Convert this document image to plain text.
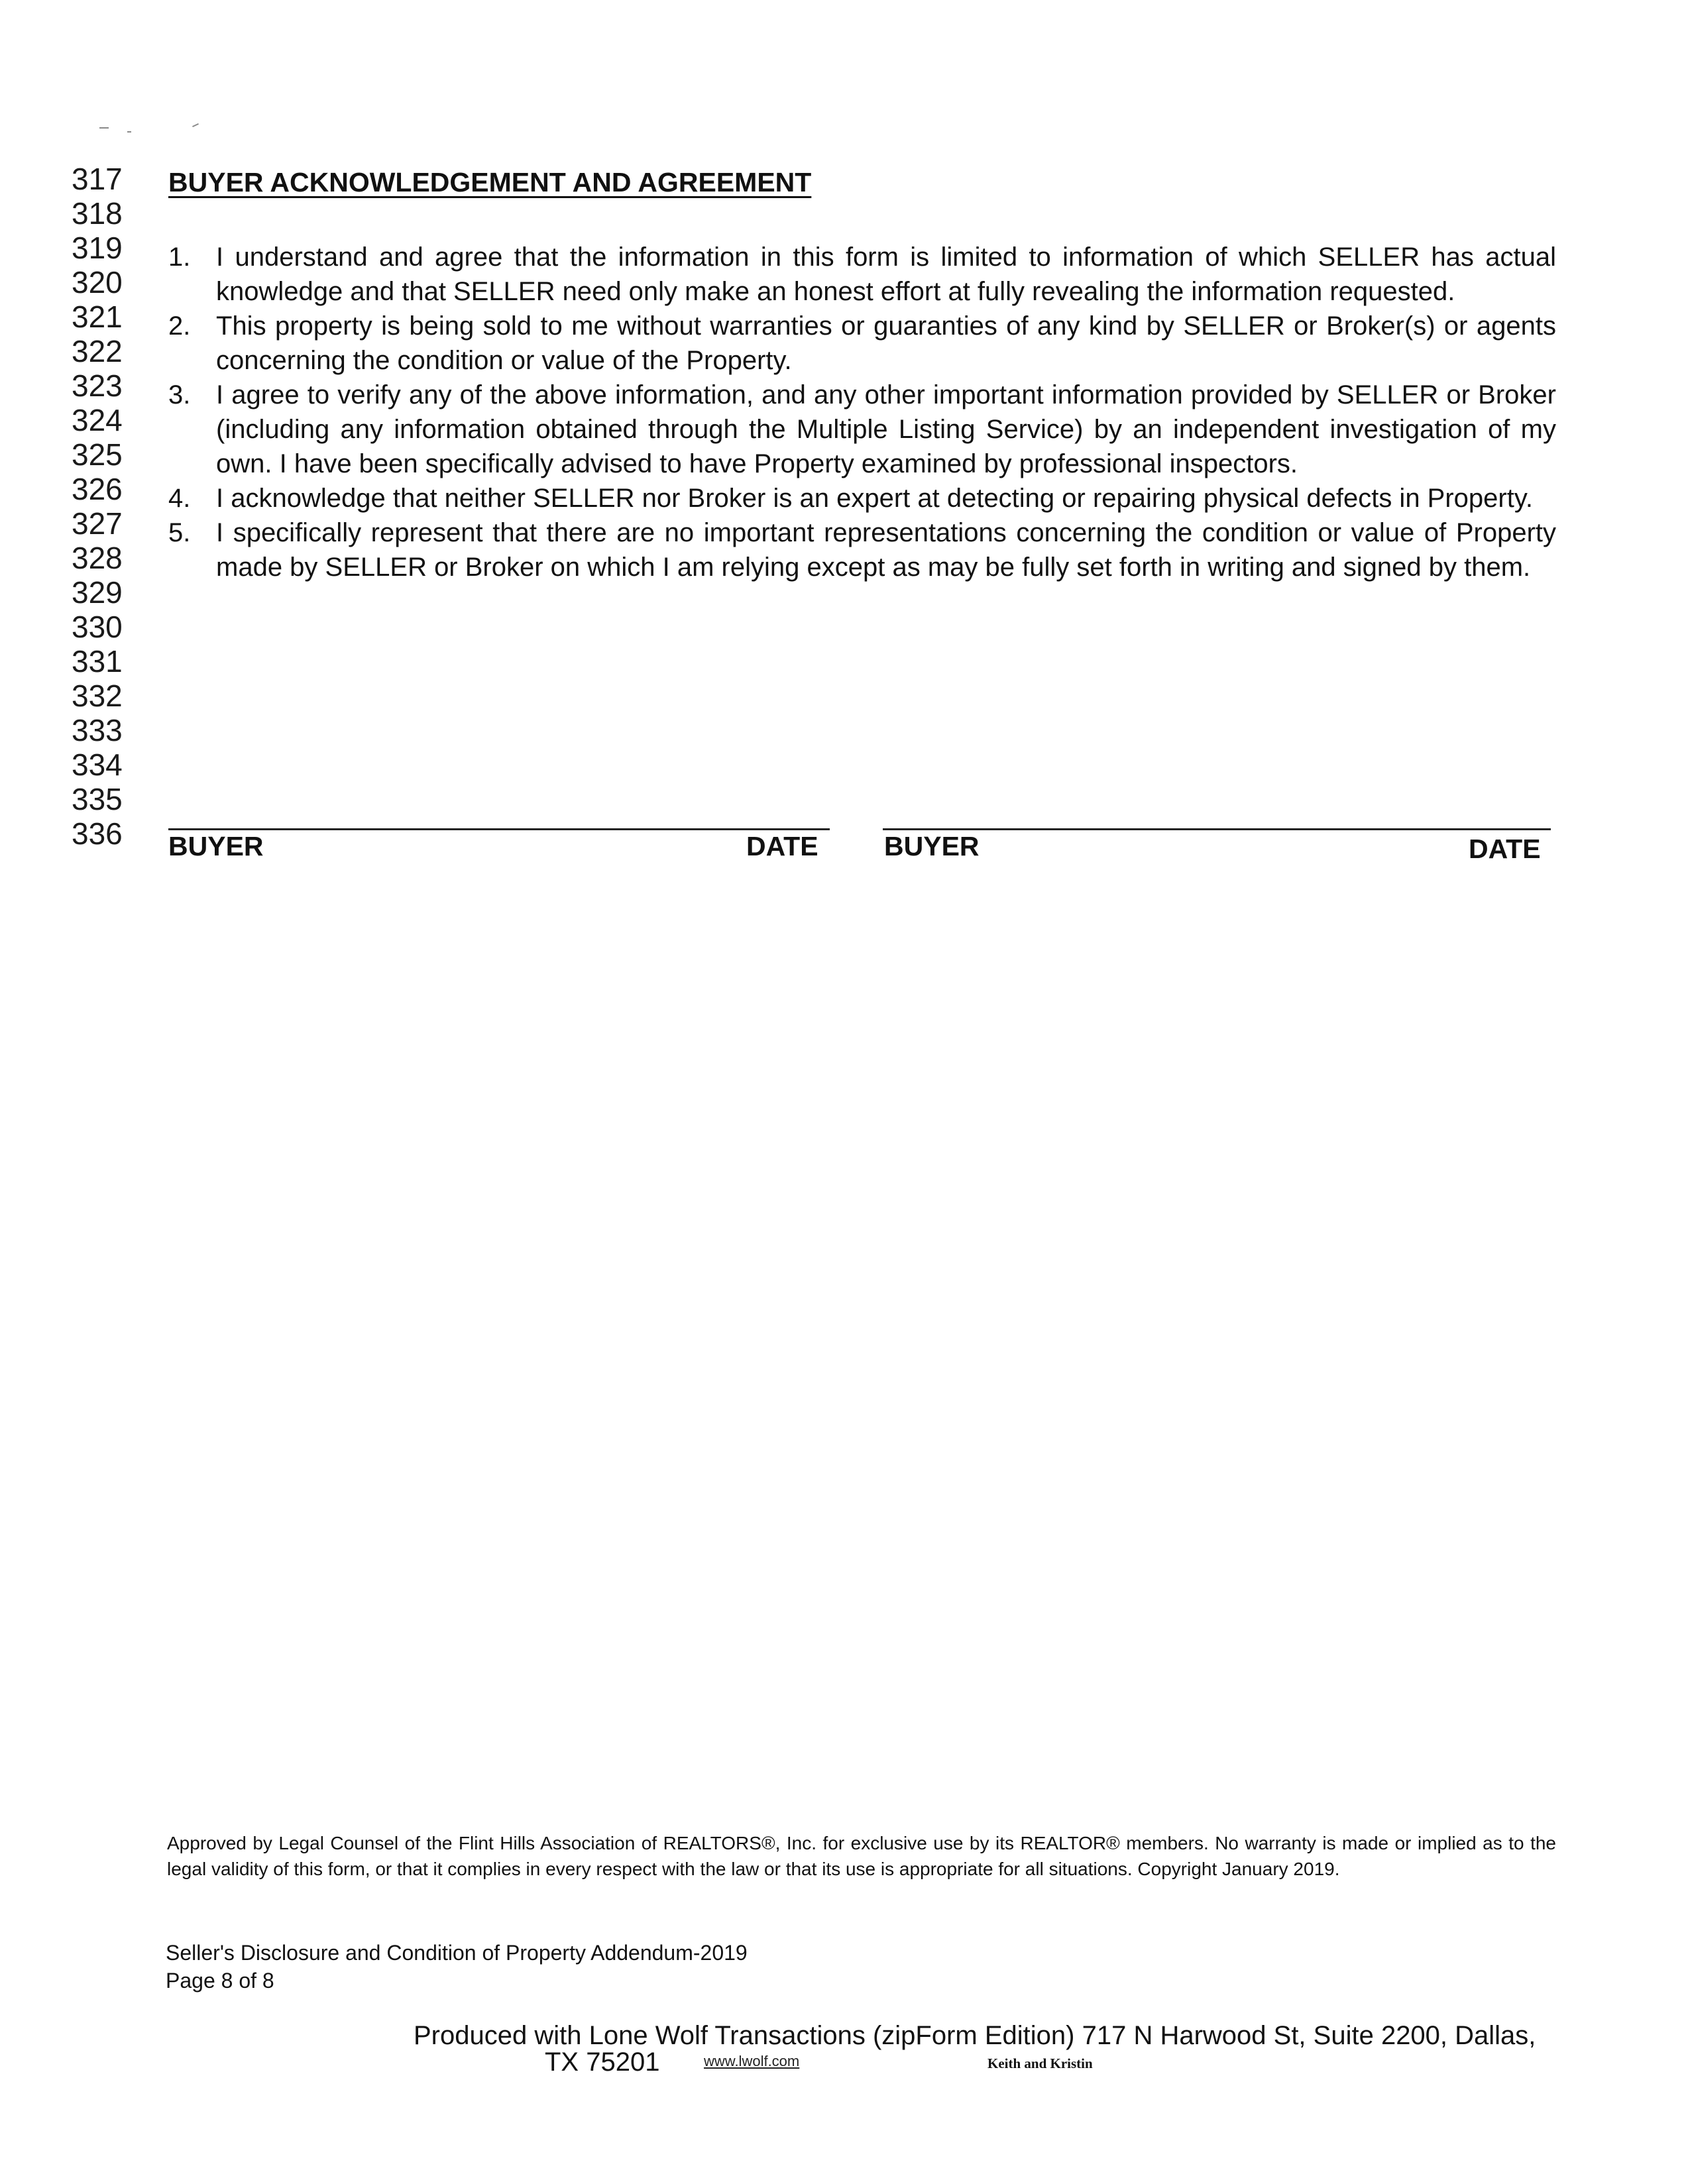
317
318
319
320
321
322
323
324
325
326
327
328
329
330
331
332
333
334
335
336
BUYER ACKNOWLEDGEMENT AND AGREEMENT
1. I understand and agree that the information in this form is limited to information of which SELLER has actual knowledge and that SELLER need only make an honest effort at fully revealing the information requested.
2. This property is being sold to me without warranties or guaranties of any kind by SELLER or Broker(s) or agents concerning the condition or value of the Property.
3. I agree to verify any of the above information, and any other important information provided by SELLER or Broker (including any information obtained through the Multiple Listing Service) by an independent investigation of my own. I have been specifically advised to have Property examined by professional inspectors.
4. I acknowledge that neither SELLER nor Broker is an expert at detecting or repairing physical defects in Property.
5. I specifically represent that there are no important representations concerning the condition or value of Property made by SELLER or Broker on which I am relying except as may be fully set forth in writing and signed by them.
BUYER	DATE BUYER	DATE
Approved by Legal Counsel of the Flint Hills Association of REALTORS®, Inc. for exclusive use by its REALTOR® members. No warranty is made or implied as to the legal validity of this form, or that it complies in every respect with the law or that its use is appropriate for all situations. Copyright January 2019.
Seller's Disclosure and Condition of Property Addendum-2019
Page 8 of 8
Produced with Lone Wolf Transactions (zipForm Edition) 717 N Harwood St, Suite 2200, Dallas,
TX 75201	www.lwolf.com	Keith and Kristin
